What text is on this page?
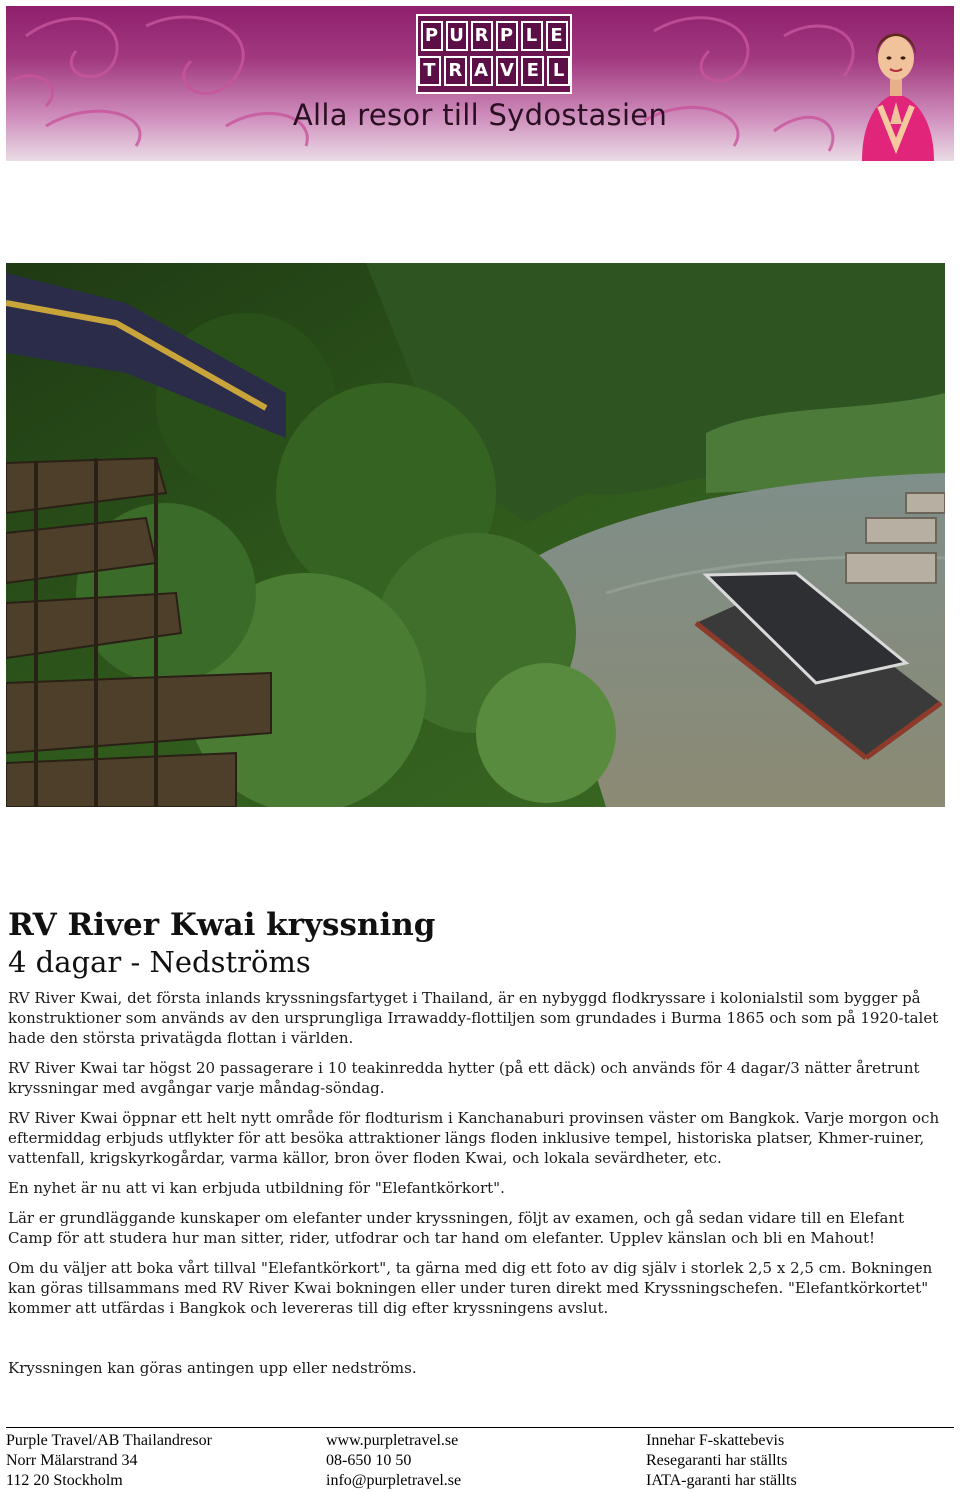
P U R P L E
T R A V E L
Alla resor till Sydostasien
RV River Kwai kryssning
4 dagar - Nedströms

RV River Kwai, det första inlands kryssningsfartyget i Thailand, är en nybyggd flodkryssare i kolonialstil som bygger på konstruktioner som används av den ursprungliga Irrawaddy-flottiljen som grundades i Burma 1865 och som på 1920-talet hade den största privatägda flottan i världen.

RV River Kwai tar högst 20 passagerare i 10 teakinredda hytter (på ett däck) och används för 4 dagar/3 nätter åretrunt kryssningar med avgångar varje måndag-söndag.

RV River Kwai öppnar ett helt nytt område för flodturism i Kanchanaburi provinsen väster om Bangkok. Varje morgon och eftermiddag erbjuds utflykter för att besöka attraktioner längs floden inklusive tempel, historiska platser, Khmer-ruiner, vattenfall, krigskyrkogårdar, varma källor, bron över floden Kwai, och lokala sevärdheter, etc.

En nyhet är nu att vi kan erbjuda utbildning för "Elefantkörkort".

Lär er grundläggande kunskaper om elefanter under kryssningen, följt av examen, och gå sedan vidare till en Elefant Camp för att studera hur man sitter, rider, utfodrar och tar hand om elefanter. Upplev känslan och bli en Mahout!

Om du väljer att boka vårt tillval "Elefantkörkort", ta gärna med dig ett foto av dig själv i storlek 2,5 x 2,5 cm. Bokningen kan göras tillsammans med RV River Kwai bokningen eller under turen direkt med Kryssningschefen. "Elefantkörkortet" kommer att utfärdas i Bangkok och levereras till dig efter kryssningens avslut.

Kryssningen kan göras antingen upp eller nedströms.

Purple Travel/AB Thailandresor
Norr Mälarstrand 34
112 20 Stockholm
www.purpletravel.se
08-650 10 50
info@purpletravel.se
Innehar F-skattebevis
Resegaranti har ställts
IATA-garanti har ställts
